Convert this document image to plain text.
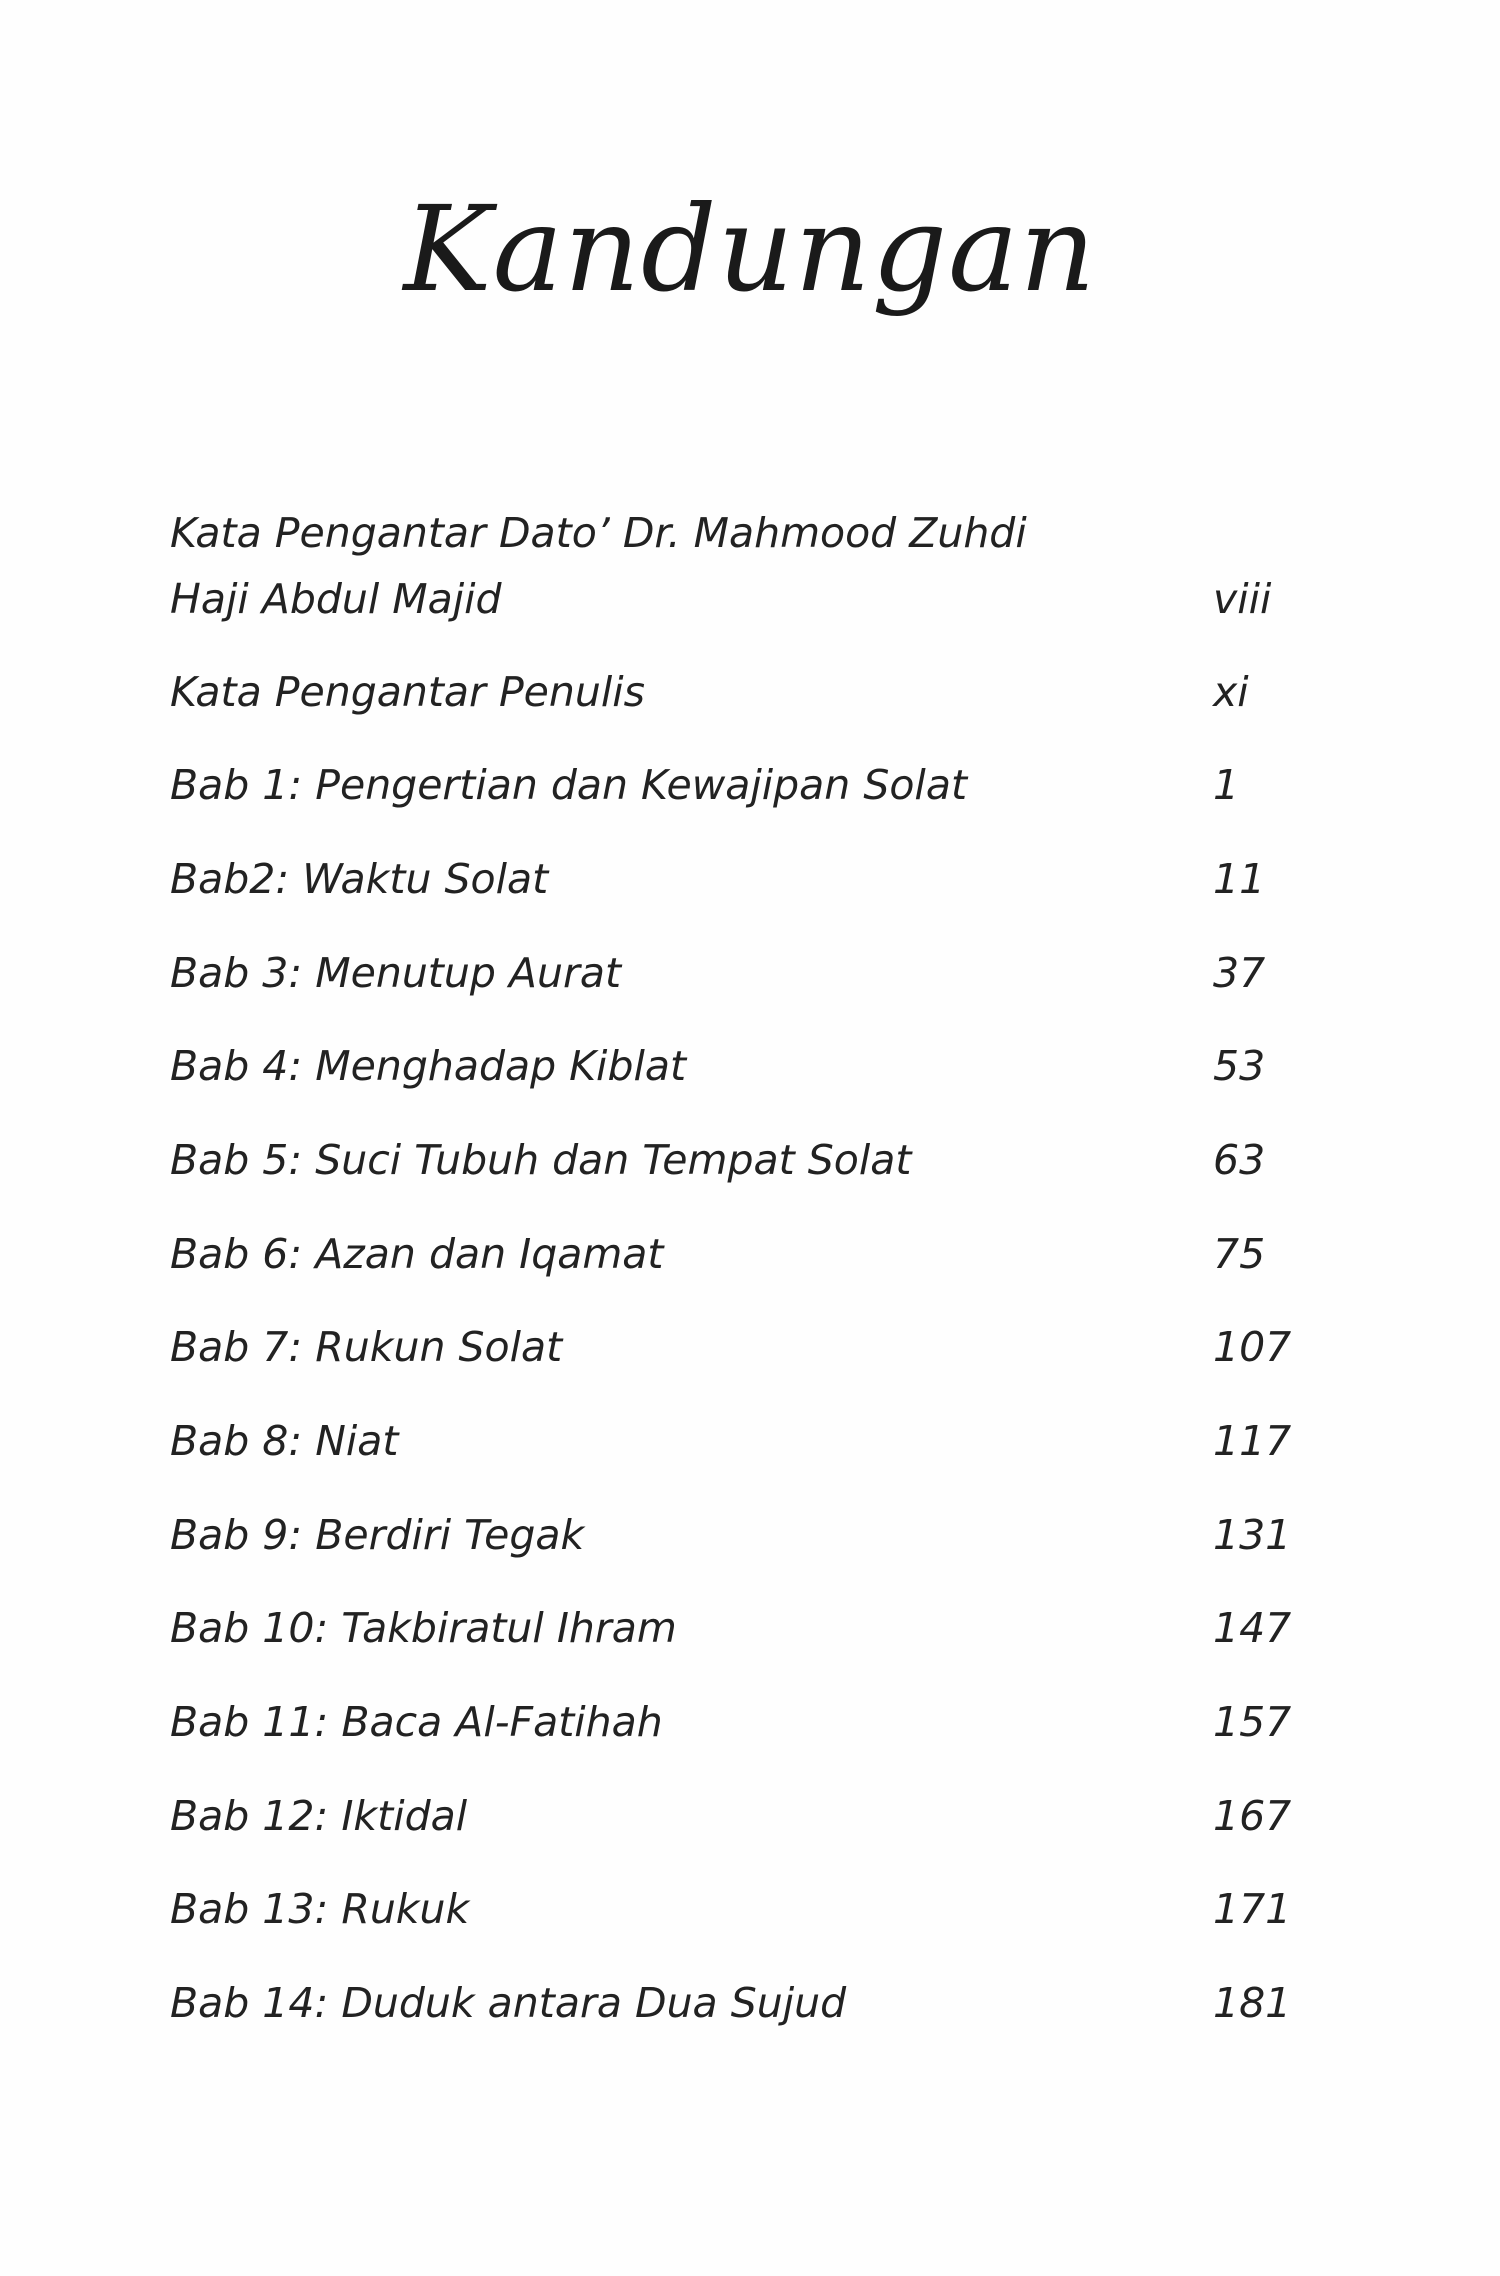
Kandungan
Kata Pengantar Dato’ Dr. Mahmood Zuhdi
Haji Abdul Majid	viii
Kata Pengantar Penulis	xi
Bab 1: Pengertian dan Kewajipan Solat	1
Bab2: Waktu Solat	11
Bab 3: Menutup Aurat	37
Bab 4: Menghadap Kiblat	53
Bab 5: Suci Tubuh dan Tempat Solat	63
Bab 6: Azan dan Iqamat	75
Bab 7: Rukun Solat	107
Bab 8: Niat	117
Bab 9: Berdiri Tegak	131
Bab 10: Takbiratul Ihram	147
Bab 11: Baca Al-Fatihah	157
Bab 12: Iktidal	167
Bab 13: Rukuk	171
Bab 14: Duduk antara Dua Sujud	181
